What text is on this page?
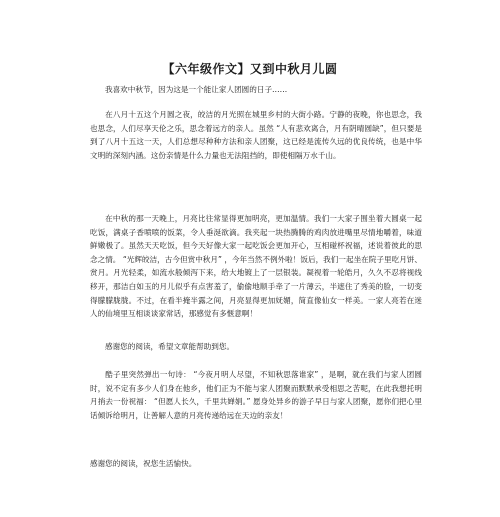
【六年级作文】又到中秋月儿圆

我喜欢中秋节，因为这是一个能让家人团圆的日子……

在八月十五这个月圆之夜，皎洁的月光照在城里乡村的大街小路。宁静的夜晚，你也思念，我也思念，人们尽享天伦之乐，思念着远方的亲人。虽然 “人有悲欢离合，月有阴晴圆缺”，但只要是到了八月十五这一天，人们总想尽种种方法和亲人团聚，这已经是流传久远的优良传统，也是中华文明的深刻内涵。这份亲情是什么力量也无法阻挡的，即使相隔万水千山。

在中秋的那一天晚上，月亮比往常显得更加明亮，更加温情。我们一大家子围坐着大圆桌一起吃饭，满桌子香喷喷的饭菜，令人垂涎欲滴。我夹起一块热腾腾的鸡肉放进嘴里尽情地嚼着，味道鲜嫩极了。虽然天天吃饭，但今天好像大家一起吃饭会更加开心，互相碰杯祝福，述说着彼此的思念之情。 “光辉皎洁，古今但赏中秋月” ，今年当然不例外啦！饭后，我们一起坐在院子里吃月饼、赏月。月光轻柔，如流水般倾泻下来，给大地镀上了一层银装。凝视着一轮皓月，久久不忍将视线移开，那洁白如玉的月儿似乎有点害羞了，偷偷地顺手牵了一片薄云，半遮住了秀美的脸，一切变得朦朦胧胧。不过，在看半掩半露之间，月亮显得更加妩媚，简直像仙女一样美。一家人亮若在迷人的仙境里互相谈谈家常话，那感觉有多惬意啊！

感谢您的阅读，希望文章能帮助到您。

酷子里突然弹出一句诗： “今夜月明人尽望，不知秋思落谁家” ，是啊，就在我们与家人团圆时，说不定有多少人们身在他乡，他们正为不能与家人团聚而默默承受相思之苦呢，在此我想托明月捎去一份祝福： “但愿人长久，千里共婵娟。” 愿身处异乡的游子早日与家人团聚，愿你们把心里话倾诉给明月，让善解人意的月亮传递给远在天边的亲友！

感谢您的阅读，祝您生活愉快。
